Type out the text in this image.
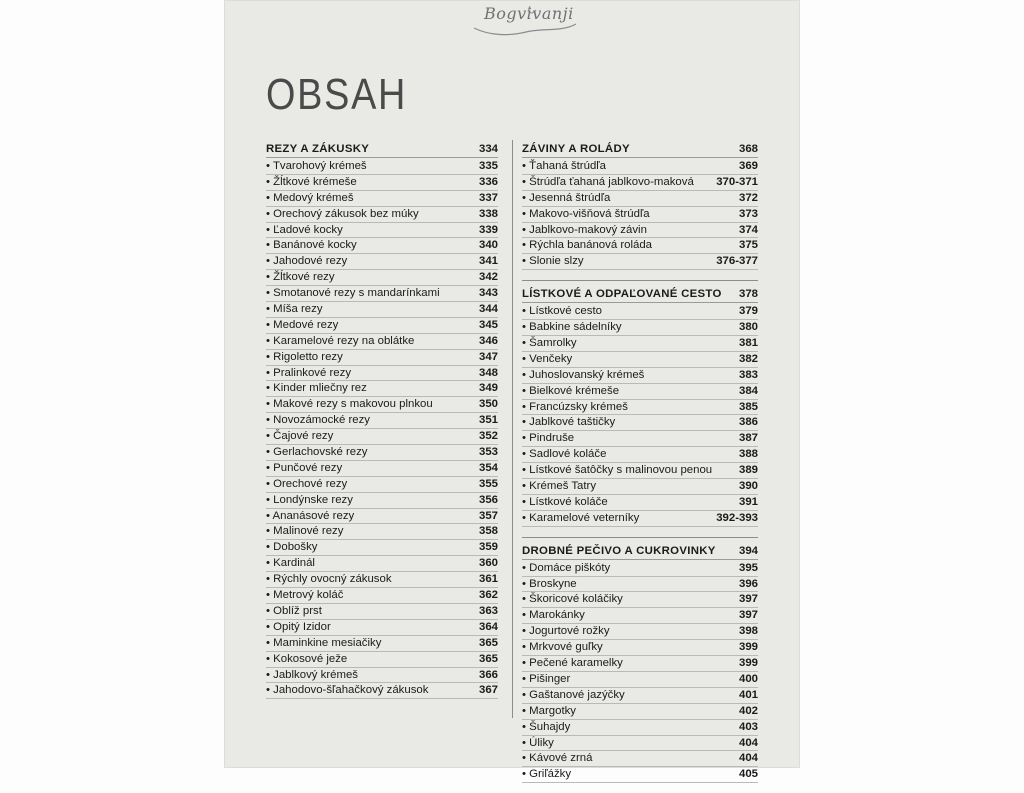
Bogvivanji
OBSAH
REZY A ZÁKUSKY	334
• Tvarohový krémeš	335
• Žĺtkové krémeše	336
• Medový krémeš	337
• Orechový zákusok bez múky	338
• Ľadové kocky	339
• Banánové kocky	340
• Jahodové rezy	341
• Žĺtkové rezy	342
• Smotanové rezy s mandarínkami	343
• Míša rezy	344
• Medové rezy	345
• Karamelové rezy na oblátke	346
• Rigoletto rezy	347
• Pralinkové rezy	348
• Kinder mliečny rez	349
• Makové rezy s makovou plnkou	350
• Novozámocké rezy	351
• Čajové rezy	352
• Gerlachovské rezy	353
• Punčové rezy	354
• Orechové rezy	355
• Londýnske rezy	356
• Ananásové rezy	357
• Malinové rezy	358
• Dobošky	359
• Kardinál	360
• Rýchly ovocný zákusok	361
• Metrový koláč	362
• Oblíž prst	363
• Opitý Izidor	364
• Maminkine mesiačiky	365
• Kokosové ježe	365
• Jablkový krémeš	366
• Jahodovo-šľahačkový zákusok	367
ZÁVINY A ROLÁDY	368
• Ťahaná štrúdľa	369
• Štrúdľa ťahaná jablkovo-maková 370-371
• Jesenná štrúdľa	372
• Makovo-višňová štrúdľa	373
• Jablkovo-makový závin	374
• Rýchla banánová roláda	375
• Slonie slzy	376-377
LÍSTKOVÉ A ODPAĽOVANÉ CESTO 378
• Lístkové cesto	379
• Babkine sádelníky	380
• Šamrolky	381
• Venčeky	382
• Juhoslovanský krémeš	383
• Bielkové krémeše	384
• Francúzsky krémeš	385
• Jablkové taštičky	386
• Pindruše	387
• Sadlové koláče	388
• Lístkové šatôčky s malinovou penou 389
• Krémeš Tatry	390
• Lístkové koláče	391
• Karamelové veterníky	392-393
DROBNÉ PEČIVO A CUKROVINKY 394
• Domáce piškóty	395
• Broskyne	396
• Škoricové koláčiky	397
• Marokánky	397
• Jogurtové rožky	398
• Mrkvové guľky	399
• Pečené karamelky	399
• Pišinger	400
• Gaštanové jazýčky	401
• Margotky	402
• Šuhajdy	403
• Úliky	404
• Kávové zrná	404
• Griľážky	405
